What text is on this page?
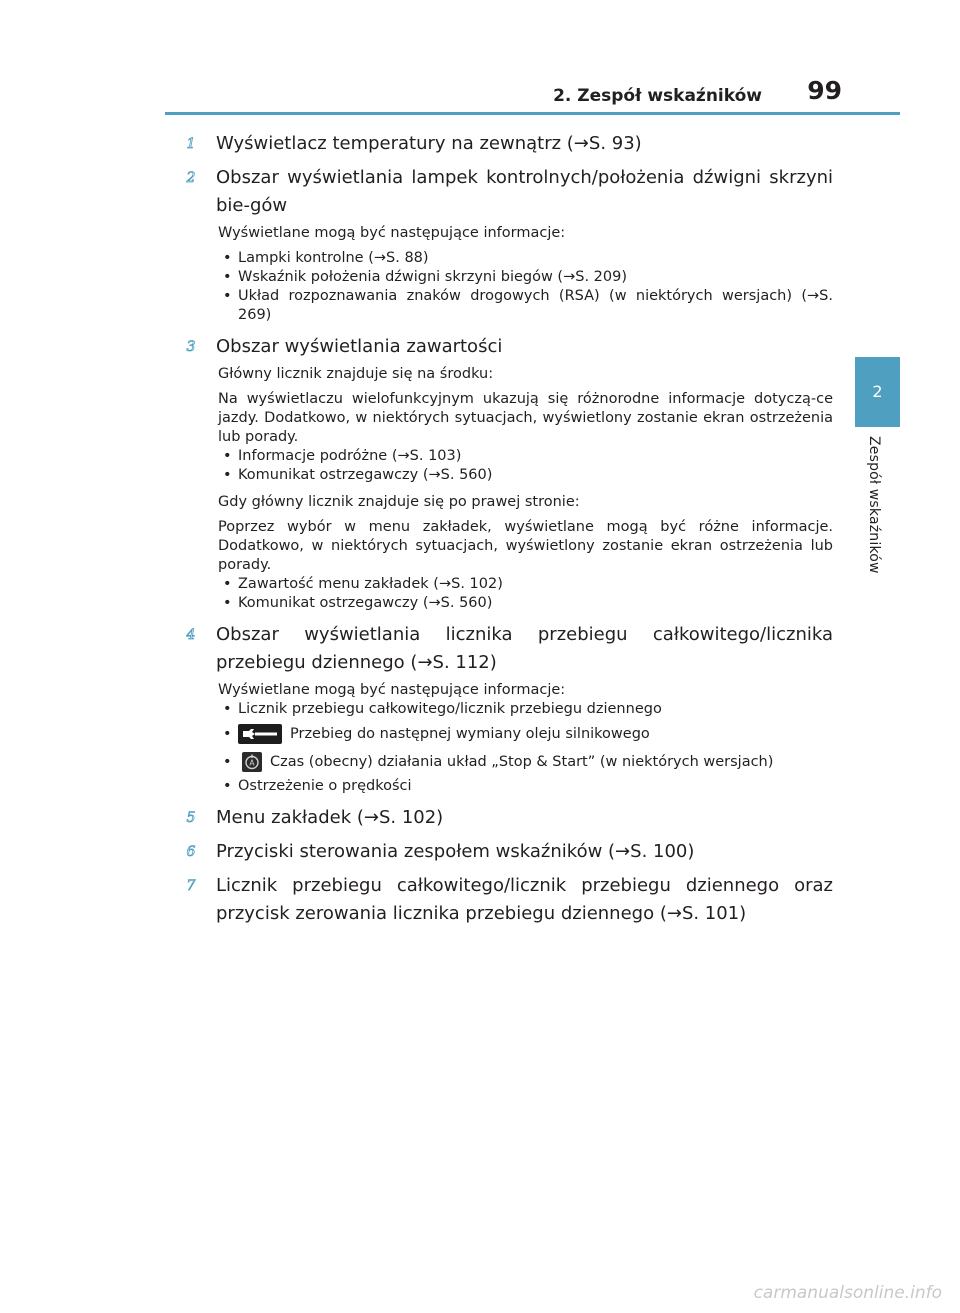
2. Zespół wskaźników 99
2
Zespół wskaźników
1 Wyświetlacz temperatury na zewnątrz (→S. 93)

2 Obszar wyświetlania lampek kontrolnych/położenia dźwigni skrzyni bie-gów

Wyświetlane mogą być następujące informacje:

• Lampki kontrolne (→S. 88)
• Wskaźnik położenia dźwigni skrzyni biegów (→S. 209)
• Układ rozpoznawania znaków drogowych (RSA) (w niektórych wersjach) (→S. 269)
3 Obszar wyświetlania zawartości

Główny licznik znajduje się na środku:

Na wyświetlaczu wielofunkcyjnym ukazują się różnorodne informacje dotyczą-ce jazdy. Dodatkowo, w niektórych sytuacjach, wyświetlony zostanie ekran ostrzeżenia lub porady.

• Informacje podróżne (→S. 103)
• Komunikat ostrzegawczy (→S. 560)

Gdy główny licznik znajduje się po prawej stronie:

Poprzez wybór w menu zakładek, wyświetlane mogą być różne informacje. Dodatkowo, w niektórych sytuacjach, wyświetlony zostanie ekran ostrzeżenia lub porady.

• Zawartość menu zakładek (→S. 102)
• Komunikat ostrzegawczy (→S. 560)
4 Obszar wyświetlania licznika przebiegu całkowitego/licznika przebiegu dziennego (→S. 112)

Wyświetlane mogą być następujące informacje:

• Licznik przebiegu całkowitego/licznik przebiegu dziennego
• Przebieg do następnej wymiany oleju silnikowego
• A Czas (obecny) działania układ „Stop & Start” (w niektórych wersjach)
• Ostrzeżenie o prędkości
5 Menu zakładek (→S. 102)

6 Przyciski sterowania zespołem wskaźników (→S. 100)

7 Licznik przebiegu całkowitego/licznik przebiegu dziennego oraz przycisk zerowania licznika przebiegu dziennego (→S. 101)

carmanualsonline.info
